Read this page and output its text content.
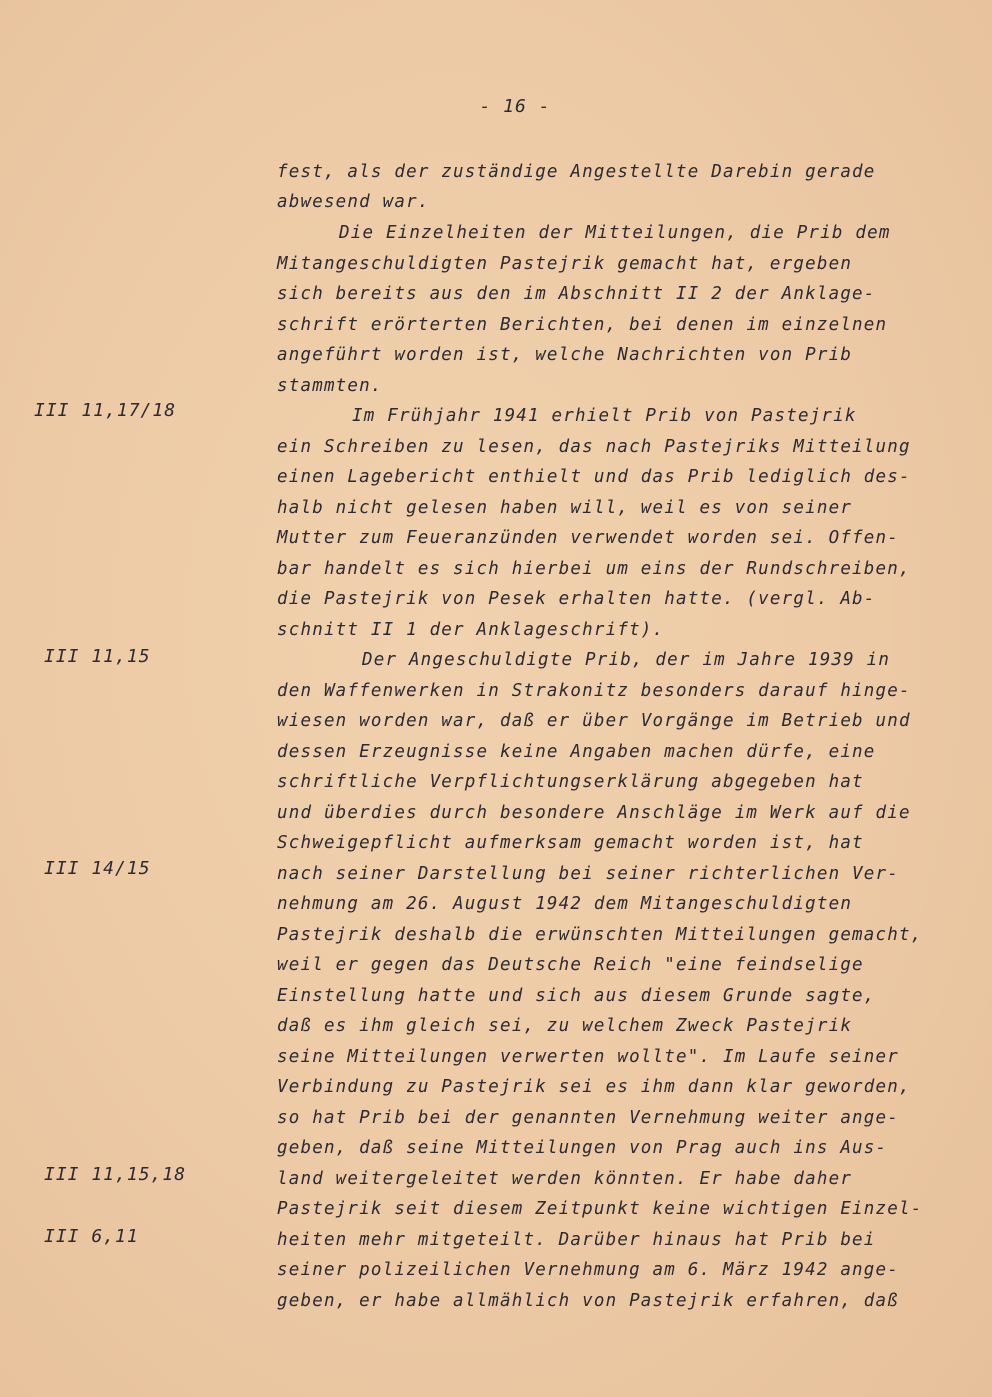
- 16 -
III 11,17/18
III 11,15
III 14/15
III 11,15,18
III 6,11
fest, als der zuständige Angestellte Darebin gerade
abwesend war.
Die Einzelheiten der Mitteilungen, die Prib dem
Mitangeschuldigten Pastejrik gemacht hat, ergeben
sich bereits aus den im Abschnitt II 2 der Anklage-
schrift erörterten Berichten, bei denen im einzelnen
angeführt worden ist, welche Nachrichten von Prib
stammten.
Im Frühjahr 1941 erhielt Prib von Pastejrik
ein Schreiben zu lesen, das nach Pastejriks Mitteilung
einen Lagebericht enthielt und das Prib lediglich des-
halb nicht gelesen haben will, weil es von seiner
Mutter zum Feueranzünden verwendet worden sei. Offen-
bar handelt es sich hierbei um eins der Rundschreiben,
die Pastejrik von Pesek erhalten hatte. (vergl. Ab-
schnitt II 1 der Anklageschrift).
Der Angeschuldigte Prib, der im Jahre 1939 in
den Waffenwerken in Strakonitz besonders darauf hinge-
wiesen worden war, daß er über Vorgänge im Betrieb und
dessen Erzeugnisse keine Angaben machen dürfe, eine
schriftliche Verpflichtungserklärung abgegeben hat
und überdies durch besondere Anschläge im Werk auf die
Schweigepflicht aufmerksam gemacht worden ist, hat
nach seiner Darstellung bei seiner richterlichen Ver-
nehmung am 26. August 1942 dem Mitangeschuldigten
Pastejrik deshalb die erwünschten Mitteilungen gemacht,
weil er gegen das Deutsche Reich "eine feindselige
Einstellung hatte und sich aus diesem Grunde sagte,
daß es ihm gleich sei, zu welchem Zweck Pastejrik
seine Mitteilungen verwerten wollte". Im Laufe seiner
Verbindung zu Pastejrik sei es ihm dann klar geworden,
so hat Prib bei der genannten Vernehmung weiter ange-
geben, daß seine Mitteilungen von Prag auch ins Aus-
land weitergeleitet werden könnten. Er habe daher
Pastejrik seit diesem Zeitpunkt keine wichtigen Einzel-
heiten mehr mitgeteilt. Darüber hinaus hat Prib bei
seiner polizeilichen Vernehmung am 6. März 1942 ange-
geben, er habe allmählich von Pastejrik erfahren, daß
